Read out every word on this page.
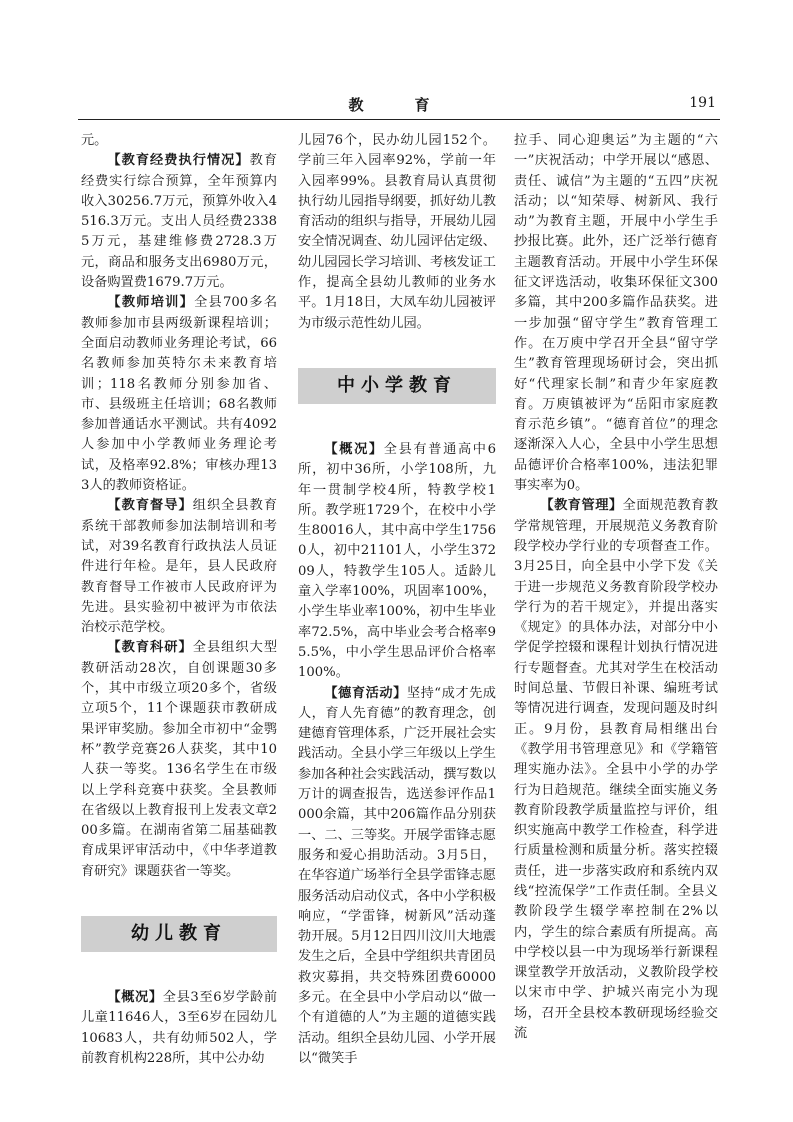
教　育	191

元。

【教育经费执行情况】教育经费实行综合预算，全年预算内收入30256.7万元，预算外收入4516.3万元。支出人员经费23385万元，基建维修费2728.3万元，商品和服务支出6980万元，设备购置费1679.7万元。

【教师培训】全县700多名教师参加市县两级新课程培训；全面启动教师业务理论考试，66名教师参加英特尔未来教育培训；118名教师分别参加省、市、县级班主任培训；68名教师参加普通话水平测试。共有4092人参加中小学教师业务理论考试，及格率92.8%；审核办理133人的教师资格证。

【教育督导】组织全县教育系统干部教师参加法制培训和考试，对39名教育行政执法人员证件进行年检。是年，县人民政府教育督导工作被市人民政府评为先进。县实验初中被评为市依法治校示范学校。

【教育科研】全县组织大型教研活动28次，自创课题30多个，其中市级立项20多个，省级立项5个，11个课题获市教研成果评审奖励。参加全市初中“金鹗杯”教学竞赛26人获奖，其中10人获一等奖。136名学生在市级以上学科竞赛中获奖。全县教师在省级以上教育报刊上发表文章200多篇。在湖南省第二届基础教育成果评审活动中，《中华孝道教育研究》课题获省一等奖。

幼儿教育

【概况】全县3至6岁学龄前儿童11646人，3至6岁在园幼儿10683人，共有幼师502人，学前教育机构228所，其中公办幼

儿园76个，民办幼儿园152个。学前三年入园率92%，学前一年入园率99%。县教育局认真贯彻执行幼儿园指导纲要，抓好幼儿教育活动的组织与指导，开展幼儿园安全情况调查、幼儿园评估定级、幼儿园园长学习培训、考核发证工作，提高全县幼儿教师的业务水平。1月18日，大凤车幼儿园被评为市级示范性幼儿园。

中小学教育

【概况】全县有普通高中6所，初中36所，小学108所，九年一贯制学校4所，特教学校1所。教学班1729个，在校中小学生80016人，其中高中学生17560人，初中21101人，小学生37209人，特教学生105人。适龄儿童入学率100%，巩固率100%，小学生毕业率100%，初中生毕业率72.5%，高中毕业会考合格率95.5%，中小学生思品评价合格率100%。

【德育活动】坚持“成才先成人，育人先育德”的教育理念，创建德育管理体系，广泛开展社会实践活动。全县小学三年级以上学生参加各种社会实践活动，撰写数以万计的调查报告，选送参评作品1000余篇，其中206篇作品分别获一、二、三等奖。开展学雷锋志愿服务和爱心捐助活动。3月5日，在华容道广场举行全县学雷锋志愿服务活动启动仪式，各中小学积极响应，“学雷锋，树新风”活动蓬勃开展。5月12日四川汶川大地震发生之后，全县中学组织共青团员救灾募捐，共交特殊团费60000多元。在全县中小学启动以“做一个有道德的人”为主题的道德实践活动。组织全县幼儿园、小学开展以“微笑手

拉手、同心迎奥运”为主题的“六一”庆祝活动；中学开展以“感恩、责任、诚信”为主题的“五四”庆祝活动；以“知荣辱、树新风、我行动”为教育主题，开展中小学生手抄报比赛。此外，还广泛举行德育主题教育活动。开展中小学生环保征文评选活动，收集环保征文300多篇，其中200多篇作品获奖。进一步加强“留守学生”教育管理工作。在万庾中学召开全县“留守学生”教育管理现场研讨会，突出抓好“代理家长制”和青少年家庭教育。万庾镇被评为“岳阳市家庭教育示范乡镇”。“德育首位”的理念逐渐深入人心，全县中小学生思想品德评价合格率100%，违法犯罪事实率为0。

【教育管理】全面规范教育教学常规管理，开展规范义务教育阶段学校办学行业的专项督查工作。3月25日，向全县中小学下发《关于进一步规范义务教育阶段学校办学行为的若干规定》，并提出落实《规定》的具体办法，对部分中小学促学控辍和课程计划执行情况进行专题督查。尤其对学生在校活动时间总量、节假日补课、编班考试等情况进行调查，发现问题及时纠正。9月份，县教育局相继出台《教学用书管理意见》和《学籍管理实施办法》。全县中小学的办学行为日趋规范。继续全面实施义务教育阶段教学质量监控与评价，组织实施高中教学工作检查，科学进行质量检测和质量分析。落实控辍责任，进一步落实政府和系统内双线“控流保学”工作责任制。全县义教阶段学生辍学率控制在2%以内，学生的综合素质有所提高。高中学校以县一中为现场举行新课程课堂教学开放活动，义教阶段学校以宋市中学、护城兴南完小为现场，召开全县校本教研现场经验交流
